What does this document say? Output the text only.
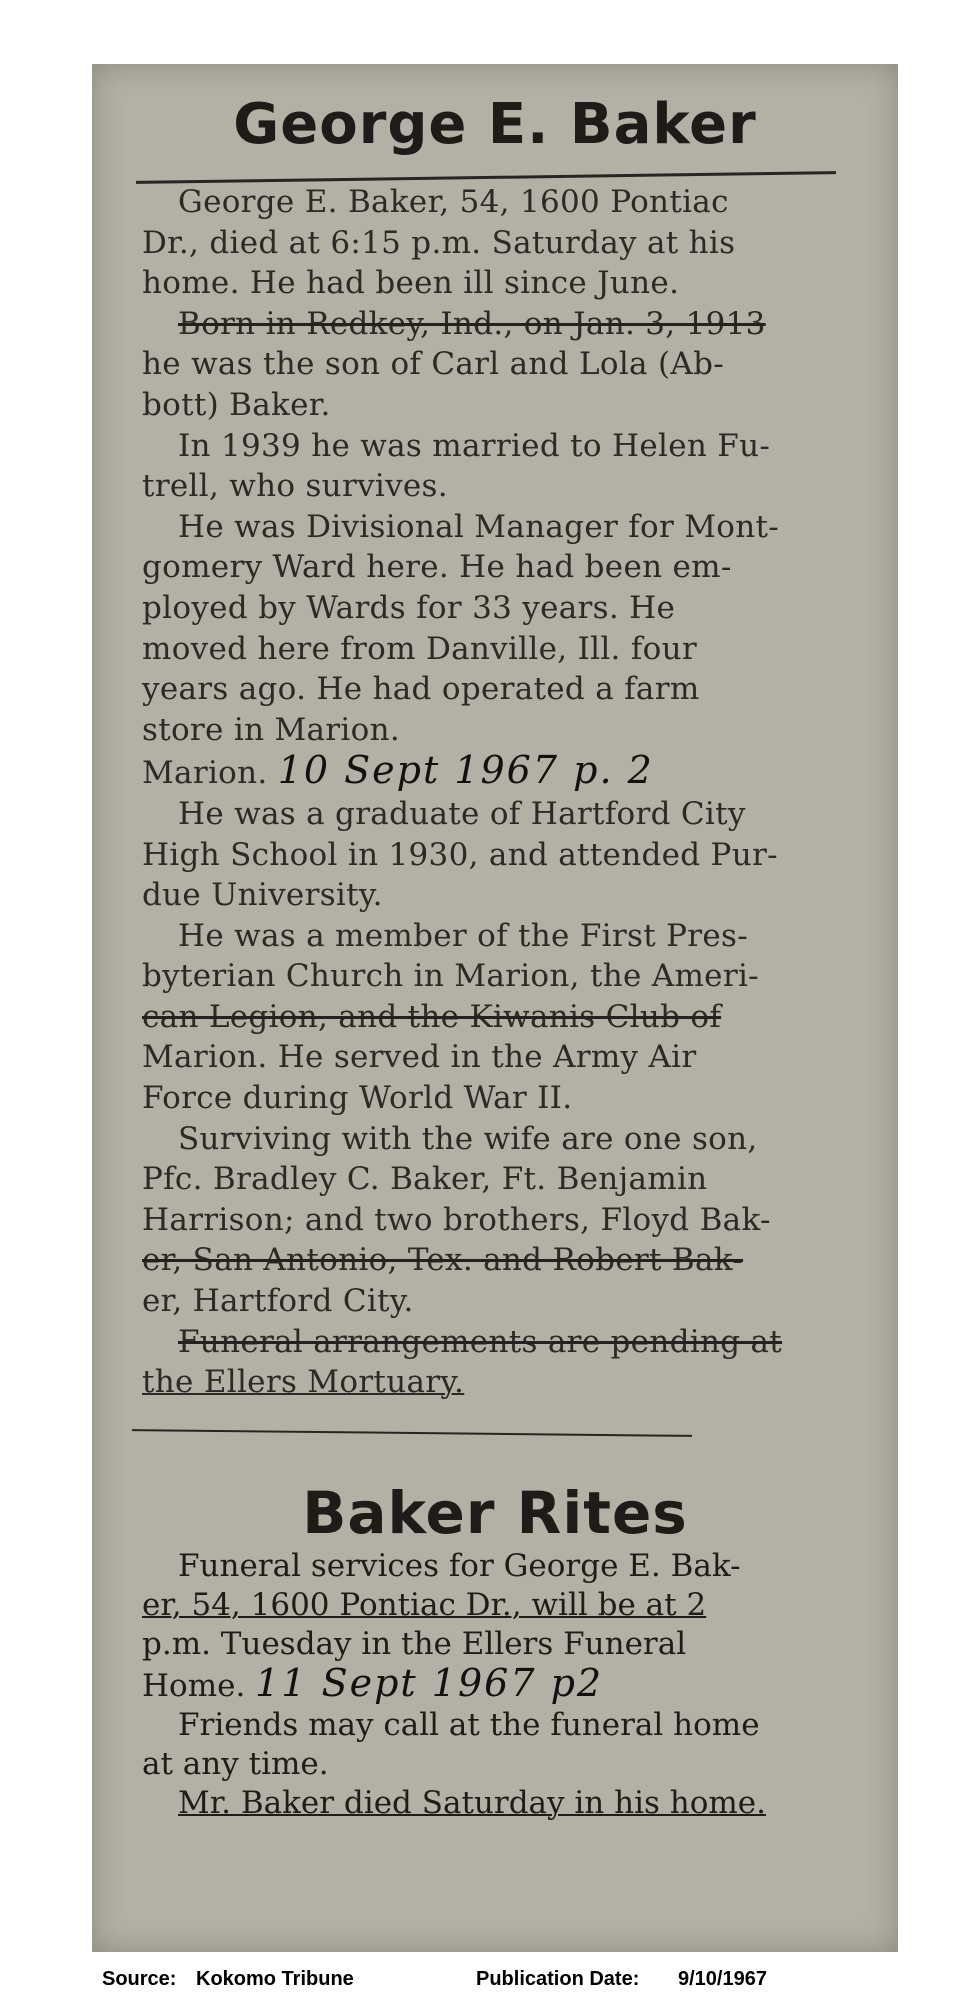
George E. Baker
George E. Baker, 54, 1600 Pontiac
Dr., died at 6:15 p.m. Saturday at his
home. He had been ill since June.
Born in Redkey, Ind., on Jan. 3, 1913
he was the son of Carl and Lola (Ab-
bott) Baker.
In 1939 he was married to Helen Fu-
trell, who survives.
He was Divisional Manager for Mont-
gomery Ward here. He had been em-
ployed by Wards for 33 years. He
moved here from Danville, Ill. four
years ago. He had operated a farm
store in Marion.
Marion. 10 Sept 1967 p. 2
He was a graduate of Hartford City
High School in 1930, and attended Pur-
due University.
He was a member of the First Pres-
byterian Church in Marion, the Ameri-
can Legion, and the Kiwanis Club of
Marion. He served in the Army Air
Force during World War II.
Surviving with the wife are one son,
Pfc. Bradley C. Baker, Ft. Benjamin
Harrison; and two brothers, Floyd Bak-
er, San Antonio, Tex. and Robert Bak-
er, Hartford City.
Funeral arrangements are pending at
the Ellers Mortuary.
Baker Rites
Funeral services for George E. Bak-
er, 54, 1600 Pontiac Dr., will be at 2
p.m. Tuesday in the Ellers Funeral
Home. 11 Sept 1967 p2
Friends may call at the funeral home
at any time.
Mr. Baker died Saturday in his home.
Source: Kokomo Tribune	Publication Date: 9/10/1967
